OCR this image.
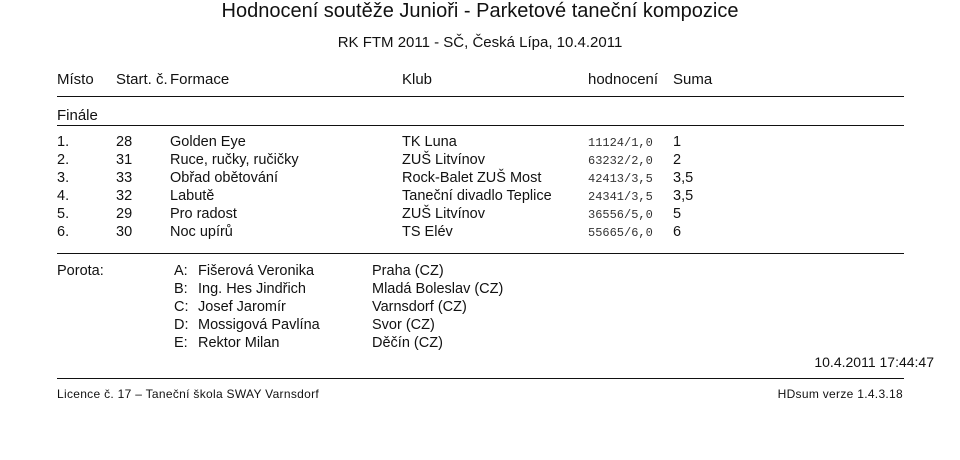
Hodnocení soutěže Junioři - Parketové taneční kompozice
RK FTM 2011 - SČ, Česká Lípa, 10.4.2011
Místo Start. č. Formace	Klub	hodnocení Suma
Finále
1.	28	Golden Eye	TK Luna	11124/1,0 1
2.	31	Ruce, ručky, ručičky	ZUŠ Litvínov	63232/2,0 2
3.	33	Obřad obětování	Rock-Balet ZUŠ Most	42413/3,5 3,5
4.	32	Labutě	Taneční divadlo Teplice	24341/3,5 3,5
5.	29	Pro radost	ZUŠ Litvínov	36556/5,0 5
6.	30	Noc upírů	TS Elév	55665/6,0 6
Porota:	A: Fišerová Veronika	Praha (CZ)
B: Ing. Hes Jindřich	Mladá Boleslav (CZ)
C: Josef Jaromír	Varnsdorf (CZ)
D: Mossigová Pavlína	Svor (CZ)
E: Rektor Milan	Děčín (CZ)
10.4.2011 17:44:47
Licence č. 17 – Taneční škola SWAY Varnsdorf	HDsum verze 1.4.3.18
